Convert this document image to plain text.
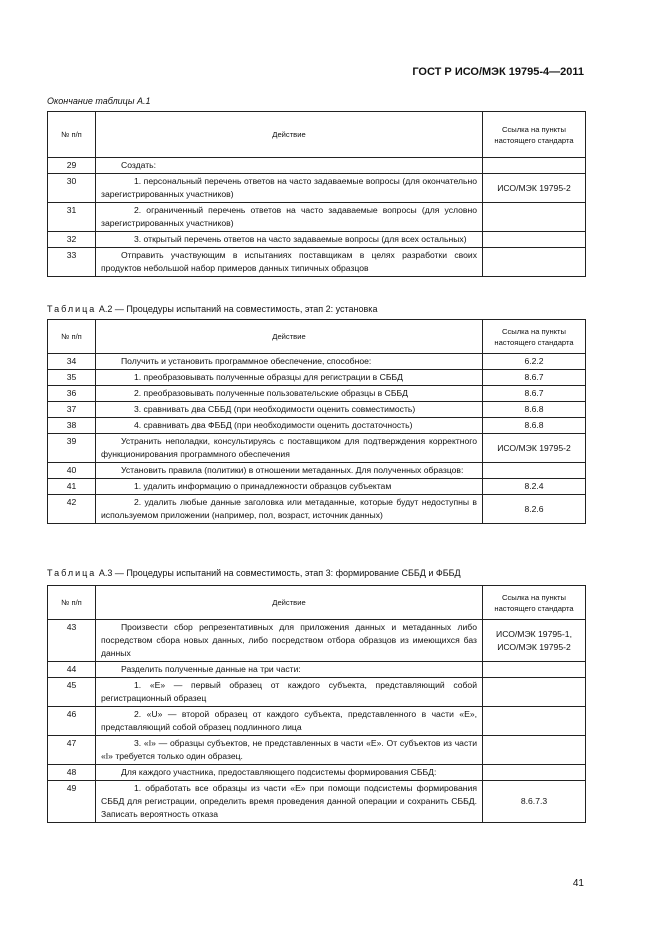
ГОСТ Р ИСО/МЭК 19795-4—2011
Окончание таблицы А.1
№ п/п	Действие	Ссылка на пункты настоящего стандарта
29	Создать:	
30	1. персональный перечень ответов на часто задаваемые вопросы (для окончательно зарегистрированных участников)	ИСО/МЭК 19795-2
31	2. ограниченный перечень ответов на часто задаваемые вопросы (для условно зарегистрированных участников)	
32	3. открытый перечень ответов на часто задаваемые вопросы (для всех остальных)	
33	Отправить участвующим в испытаниях поставщикам в целях разработки своих продуктов небольшой набор примеров данных типичных образцов	
Таблица А.2 — Процедуры испытаний на совместимость, этап 2: установка
№ п/п	Действие	Ссылка на пункты настоящего стандарта
34	Получить и установить программное обеспечение, способное:	6.2.2
35	1. преобразовывать полученные образцы для регистрации в СББД	8.6.7
36	2. преобразовывать полученные пользовательские образцы в СББД	8.6.7
37	3. сравнивать два СББД (при необходимости оценить совместимость)	8.6.8
38	4. сравнивать два ФББД (при необходимости оценить достаточность)	8.6.8
39	Устранить неполадки, консультируясь с поставщиком для подтверждения корректного функционирования программного обеспечения	ИСО/МЭК 19795-2
40	Установить правила (политики) в отношении метаданных. Для полученных образцов:	
41	1. удалить информацию о принадлежности образцов субъектам	8.2.4
42	2. удалить любые данные заголовка или метаданные, которые будут недоступны в используемом приложении (например, пол, возраст, источник данных)	8.2.6
Таблица А.3 — Процедуры испытаний на совместимость, этап 3: формирование СББД и ФББД
№ п/п	Действие	Ссылка на пункты настоящего стандарта
43	Произвести сбор репрезентативных для приложения данных и метаданных либо посредством сбора новых данных, либо посредством отбора образцов из имеющихся баз данных	ИСО/МЭК 19795-1, ИСО/МЭК 19795-2
44	Разделить полученные данные на три части:	
45	1. «E» — первый образец от каждого субъекта, представляющий собой регистрационный образец	
46	2. «U» — второй образец от каждого субъекта, представленного в части «E», представляющий собой образец подлинного лица	
47	3. «I» — образцы субъектов, не представленных в части «E». От субъектов из части «I» требуется только один образец.	
48	Для каждого участника, предоставляющего подсистемы формирования СББД:	
49	1. обработать все образцы из части «E» при помощи подсистемы формирования СББД для регистрации, определить время проведения данной операции и сохранить СББД. Записать вероятность отказа	8.6.7.3
41
